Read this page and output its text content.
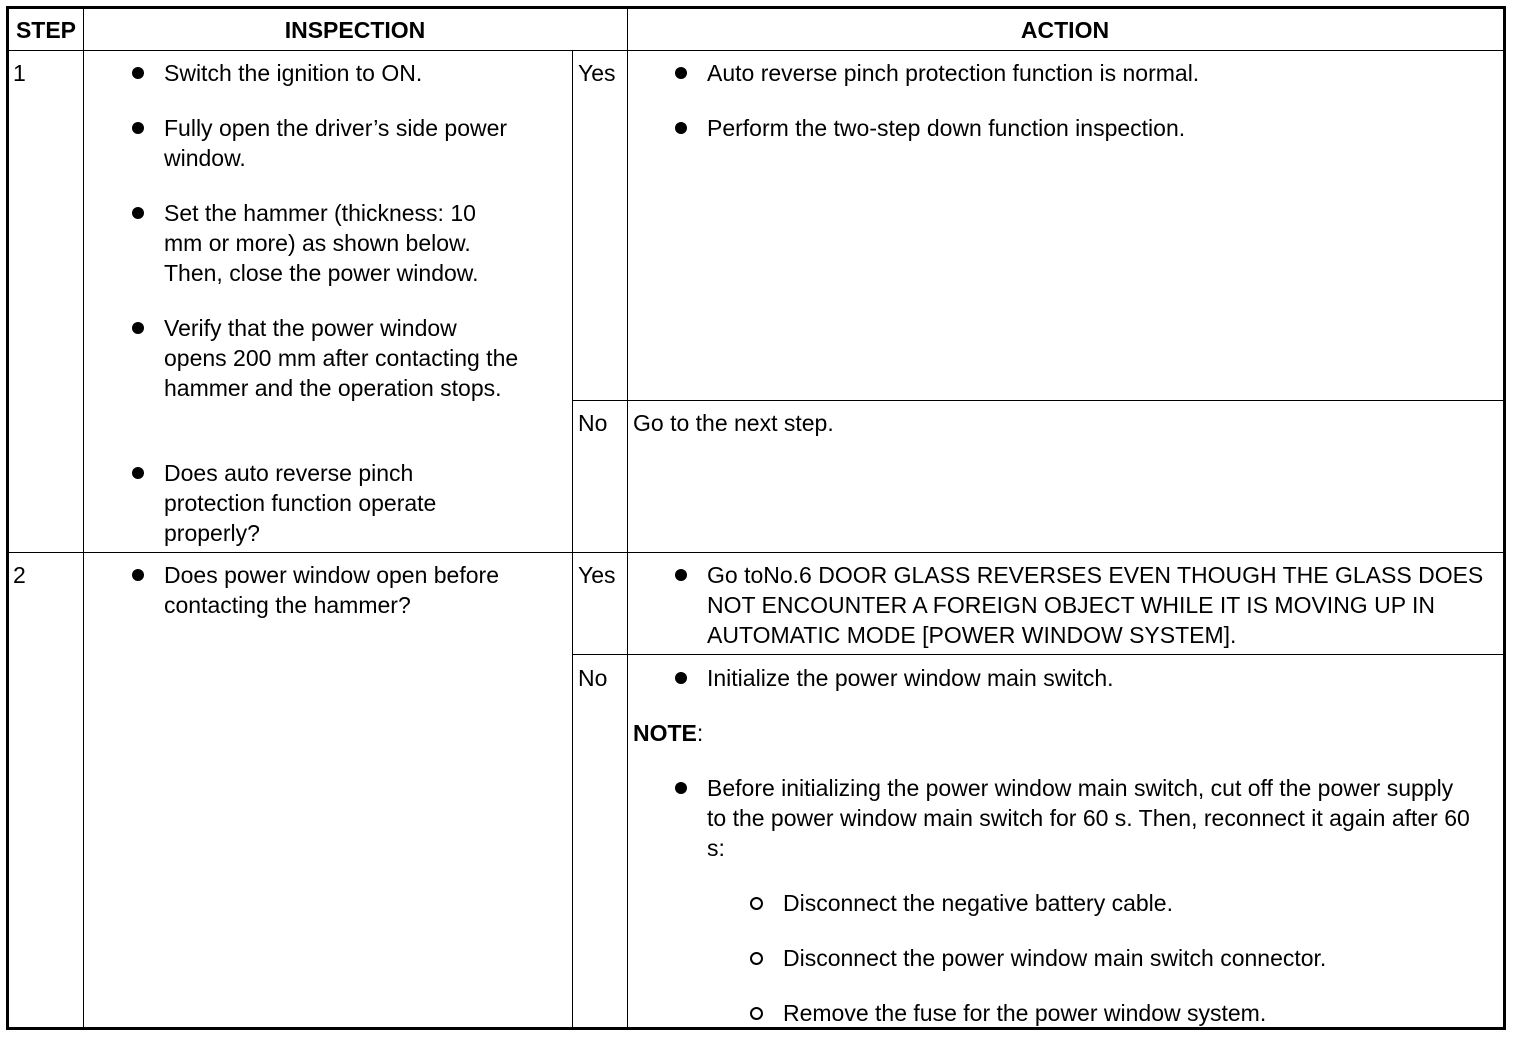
STEP	INSPECTION	ACTION
1	Switch the ignition to ON.
Fully open the driver’s side power window.
Set the hammer (thickness: 10 mm or more) as shown below. Then, close the power window.
Verify that the power window opens 200 mm after contacting the hammer and the operation stops.
Does auto reverse pinch protection function operate properly?
Yes	Auto reverse pinch protection function is normal.
Perform the two-step down function inspection.
No Go to the next step.
2	Does power window open before contacting the hammer?
Yes	Go toNo.6 DOOR GLASS REVERSES EVEN THOUGH THE GLASS DOES NOT ENCOUNTER A FOREIGN OBJECT WHILE IT IS MOVING UP IN AUTOMATIC MODE [POWER WINDOW SYSTEM].
No	Initialize the power window main switch.
NOTE:
Before initializing the power window main switch, cut off the power supply to the power window main switch for 60 s. Then, reconnect it again after 60 s:
Disconnect the negative battery cable.
Disconnect the power window main switch connector.
Remove the fuse for the power window system.
